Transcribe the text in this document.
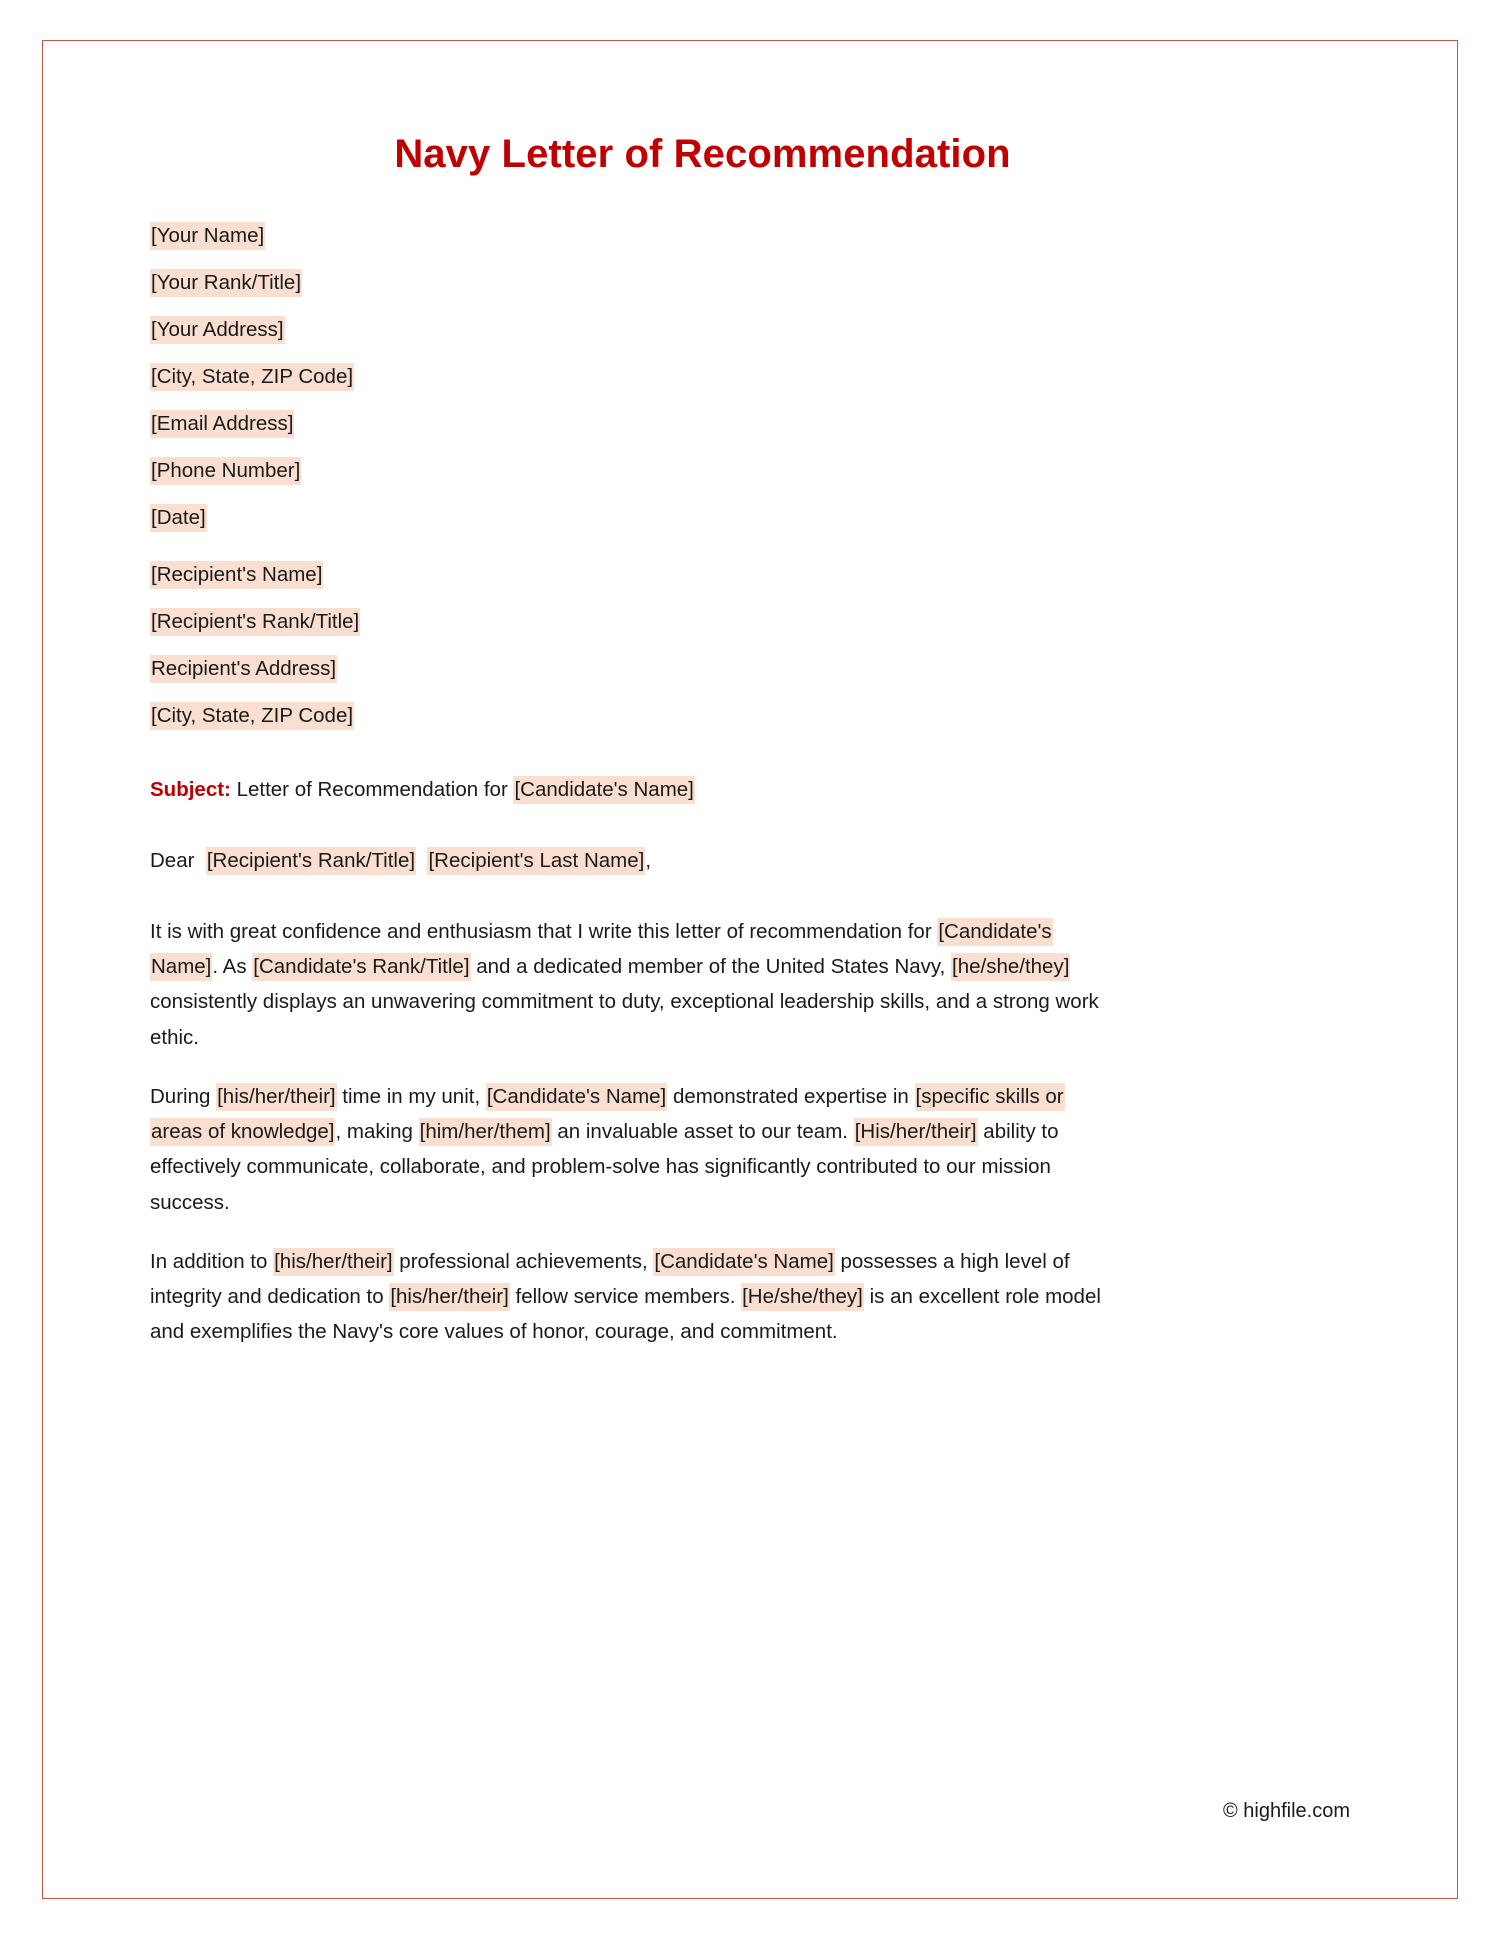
Navy Letter of Recommendation
[Your Name]
[Your Rank/Title]
[Your Address]
[City, State, ZIP Code]
[Email Address]
[Phone Number]
[Date]
[Recipient's Name]
[Recipient's Rank/Title]
Recipient's Address]
[City, State, ZIP Code]
Subject: Letter of Recommendation for [Candidate's Name]
Dear [Recipient's Rank/Title] [Recipient's Last Name],

It is with great confidence and enthusiasm that I write this letter of recommendation for [Candidate's Name]. As [Candidate's Rank/Title] and a dedicated member of the United States Navy, [he/she/they] consistently displays an unwavering commitment to duty, exceptional leadership skills, and a strong work ethic.

During [his/her/their] time in my unit, [Candidate's Name] demonstrated expertise in [specific skills or areas of knowledge], making [him/her/them] an invaluable asset to our team. [His/her/their] ability to effectively communicate, collaborate, and problem-solve has significantly contributed to our mission success.

In addition to [his/her/their] professional achievements, [Candidate's Name] possesses a high level of integrity and dedication to [his/her/their] fellow service members. [He/she/they] is an excellent role model and exemplifies the Navy's core values of honor, courage, and commitment.

© highfile.com
